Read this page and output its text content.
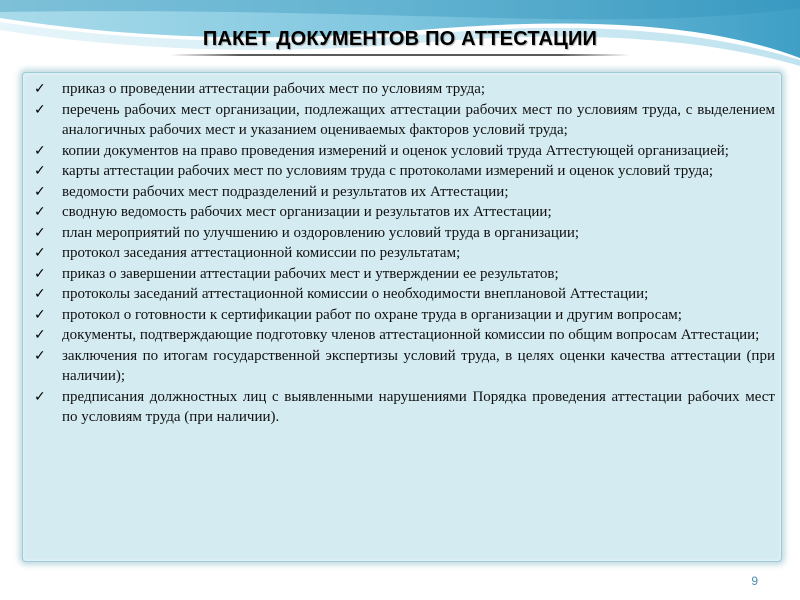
ПАКЕТ ДОКУМЕНТОВ ПО АТТЕСТАЦИИ
✓ приказ о проведении аттестации рабочих мест по условиям труда;
✓ перечень рабочих мест организации, подлежащих аттестации рабочих мест по условиям труда, с выделением аналогичных рабочих мест и указанием оцениваемых факторов условий труда;
✓ копии документов на право проведения измерений и оценок условий труда Аттестующей организацией;
✓ карты аттестации рабочих мест по условиям труда с протоколами измерений и оценок условий труда;
✓ ведомости рабочих мест подразделений и результатов их Аттестации;
✓ сводную ведомость рабочих мест организации и результатов их Аттестации;
✓ план мероприятий по улучшению и оздоровлению условий труда в организации;
✓ протокол заседания аттестационной комиссии по результатам;
✓ приказ о завершении аттестации рабочих мест и утверждении ее результатов;
✓ протоколы заседаний аттестационной комиссии о необходимости внеплановой Аттестации;
✓ протокол о готовности к сертификации работ по охране труда в организации и другим вопросам;
✓ документы, подтверждающие подготовку членов аттестационной комиссии по общим вопросам Аттестации;
✓ заключения по итогам государственной экспертизы условий труда, в целях оценки качества аттестации (при наличии);
✓ предписания должностных лиц с выявленными нарушениями Порядка проведения аттестации рабочих мест по условиям труда (при наличии).
9
